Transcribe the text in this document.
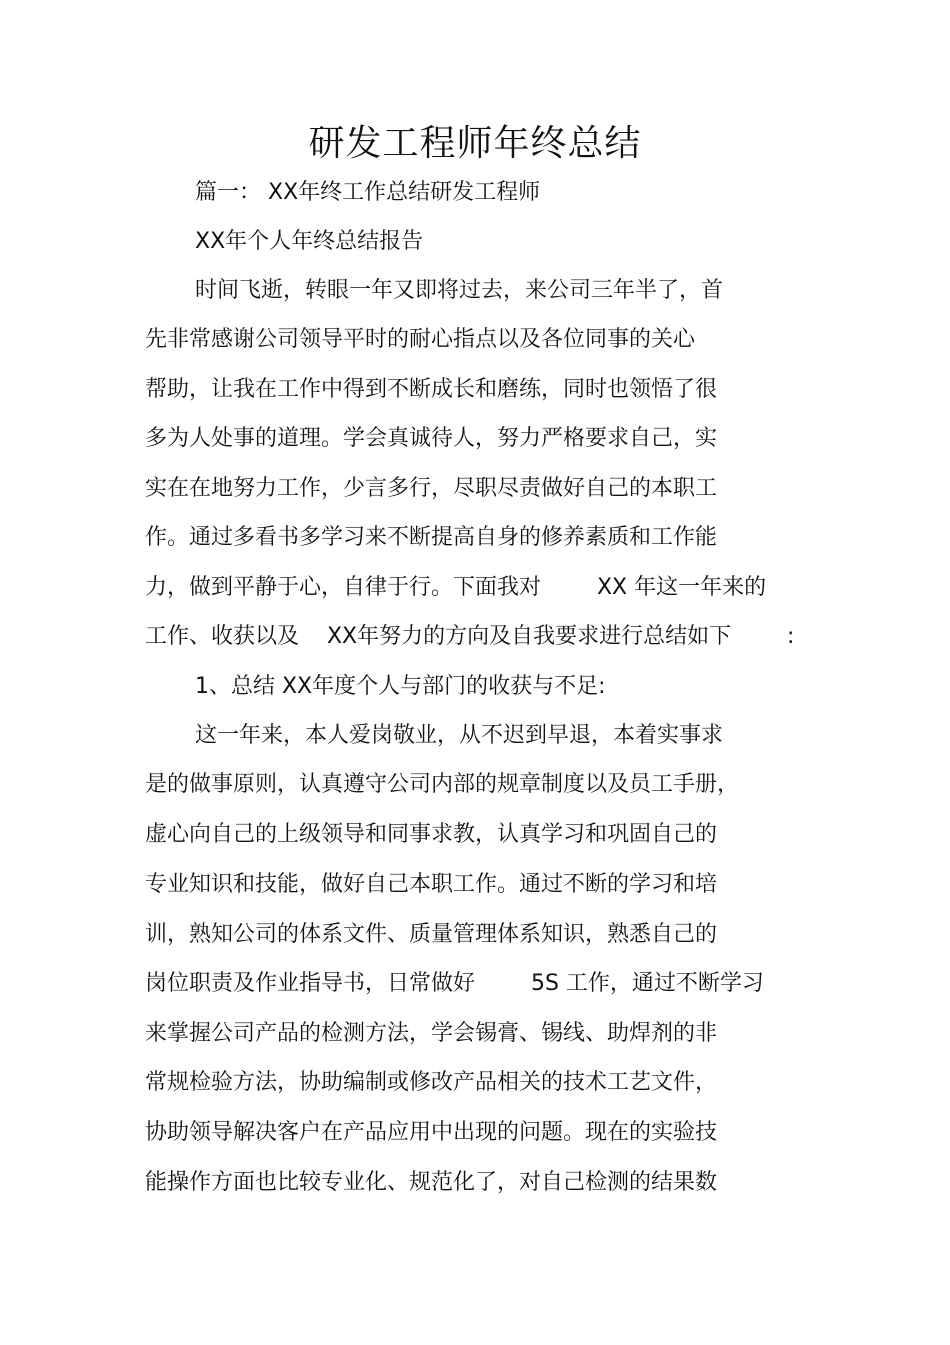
研发工程师年终总结
篇一： XX年终工作总结研发工程师
XX年个人年终总结报告
时间飞逝，转眼一年又即将过去，来公司三年半了，首
先非常感谢公司领导平时的耐心指点以及各位同事的关心
帮助，让我在工作中得到不断成长和磨练，同时也领悟了很
多为人处事的道理。学会真诚待人，努力严格要求自己，实
实在在地努力工作，少言多行，尽职尽责做好自己的本职工
作。通过多看书多学习来不断提高自身的修养素质和工作能
力，做到平静于心，自律于行。下面我对        XX 年这一年来的
工作、收获以及    XX年努力的方向及自我要求进行总结如下        :
1、总结 XX年度个人与部门的收获与不足:
这一年来，本人爱岗敬业，从不迟到早退，本着实事求
是的做事原则，认真遵守公司内部的规章制度以及员工手册，
虚心向自己的上级领导和同事求教，认真学习和巩固自己的
专业知识和技能，做好自己本职工作。通过不断的学习和培
训，熟知公司的体系文件、质量管理体系知识，熟悉自己的
岗位职责及作业指导书，日常做好        5S 工作，通过不断学习
来掌握公司产品的检测方法，学会锡膏、锡线、助焊剂的非
常规检验方法，协助编制或修改产品相关的技术工艺文件，
协助领导解决客户在产品应用中出现的问题。现在的实验技
能操作方面也比较专业化、规范化了，对自己检测的结果数
